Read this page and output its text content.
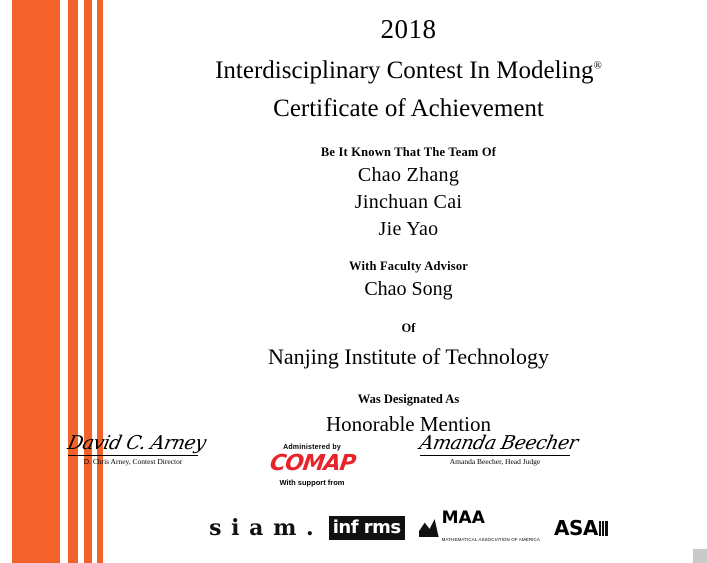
2018
Interdisciplinary Contest In Modeling®
Certificate of Achievement
Be It Known That The Team Of
Chao Zhang
Jinchuan Cai
Jie Yao
With Faculty Advisor
Chao Song
Of
Nanjing Institute of Technology
Was Designated As
Honorable Mention
David C. Arney
D. Chris Arney, Contest Director
Amanda Beecher
Amanda Beecher, Head Judge
Administered by
COMAP
With support from
s i a m . inf rms MAA
MATHEMATICAL ASSOCIATION OF AMERICA ASA
